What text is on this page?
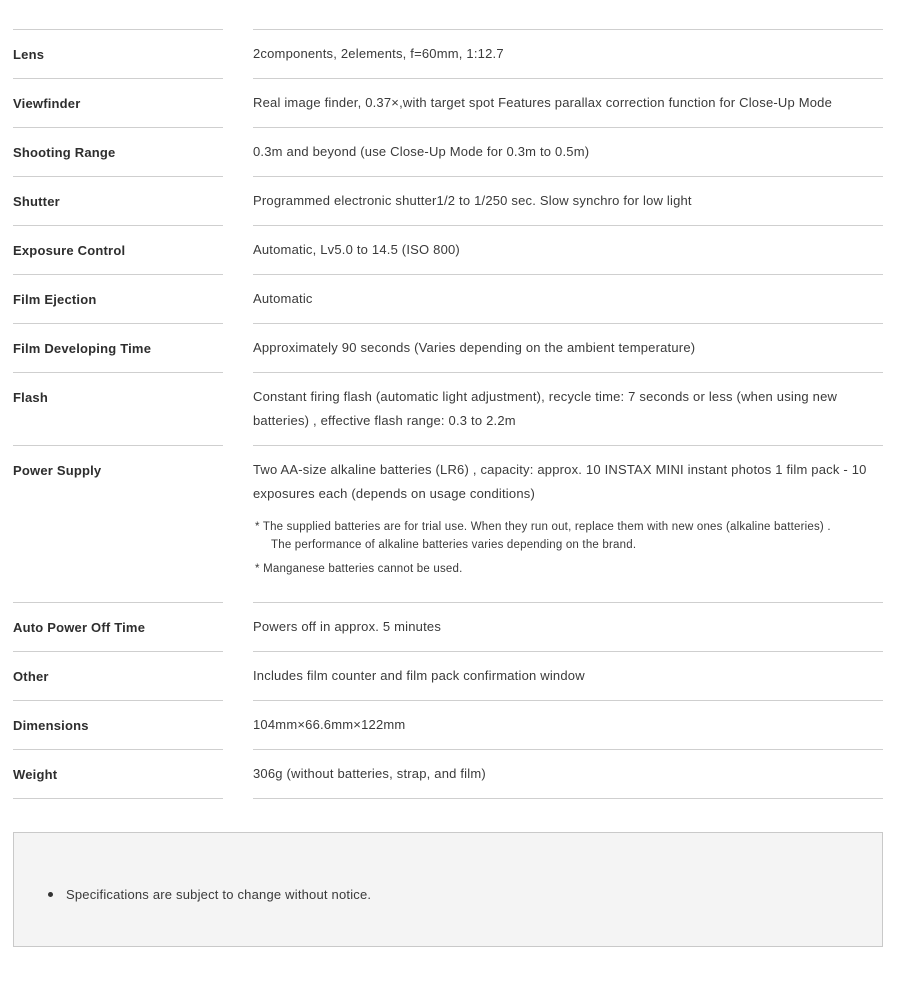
Lens	2components, 2elements, f=60mm, 1:12.7
Viewfinder	Real image finder, 0.37×,with target spot Features parallax correction function for Close-Up Mode
Shooting Range	0.3m and beyond (use Close-Up Mode for 0.3m to 0.5m)
Shutter	Programmed electronic shutter1/2 to 1/250 sec. Slow synchro for low light
Exposure Control	Automatic, Lv5.0 to 14.5 (ISO 800)
Film Ejection	Automatic
Film Developing Time	Approximately 90 seconds (Varies depending on the ambient temperature)
Flash	Constant firing flash (automatic light adjustment), recycle time: 7 seconds or less (when using new batteries) , effective flash range: 0.3 to 2.2m
Power Supply	Two AA-size alkaline batteries (LR6) , capacity: approx. 10 INSTAX MINI instant photos 1 film pack - 10 exposures each (depends on usage conditions)
* The supplied batteries are for trial use. When they run out, replace them with new ones (alkaline batteries) .
The performance of alkaline batteries varies depending on the brand.
* Manganese batteries cannot be used.
Auto Power Off Time	Powers off in approx. 5 minutes
Other	Includes film counter and film pack confirmation window
Dimensions	104mm×66.6mm×122mm
Weight	306g (without batteries, strap, and film)
Specifications are subject to change without notice.
